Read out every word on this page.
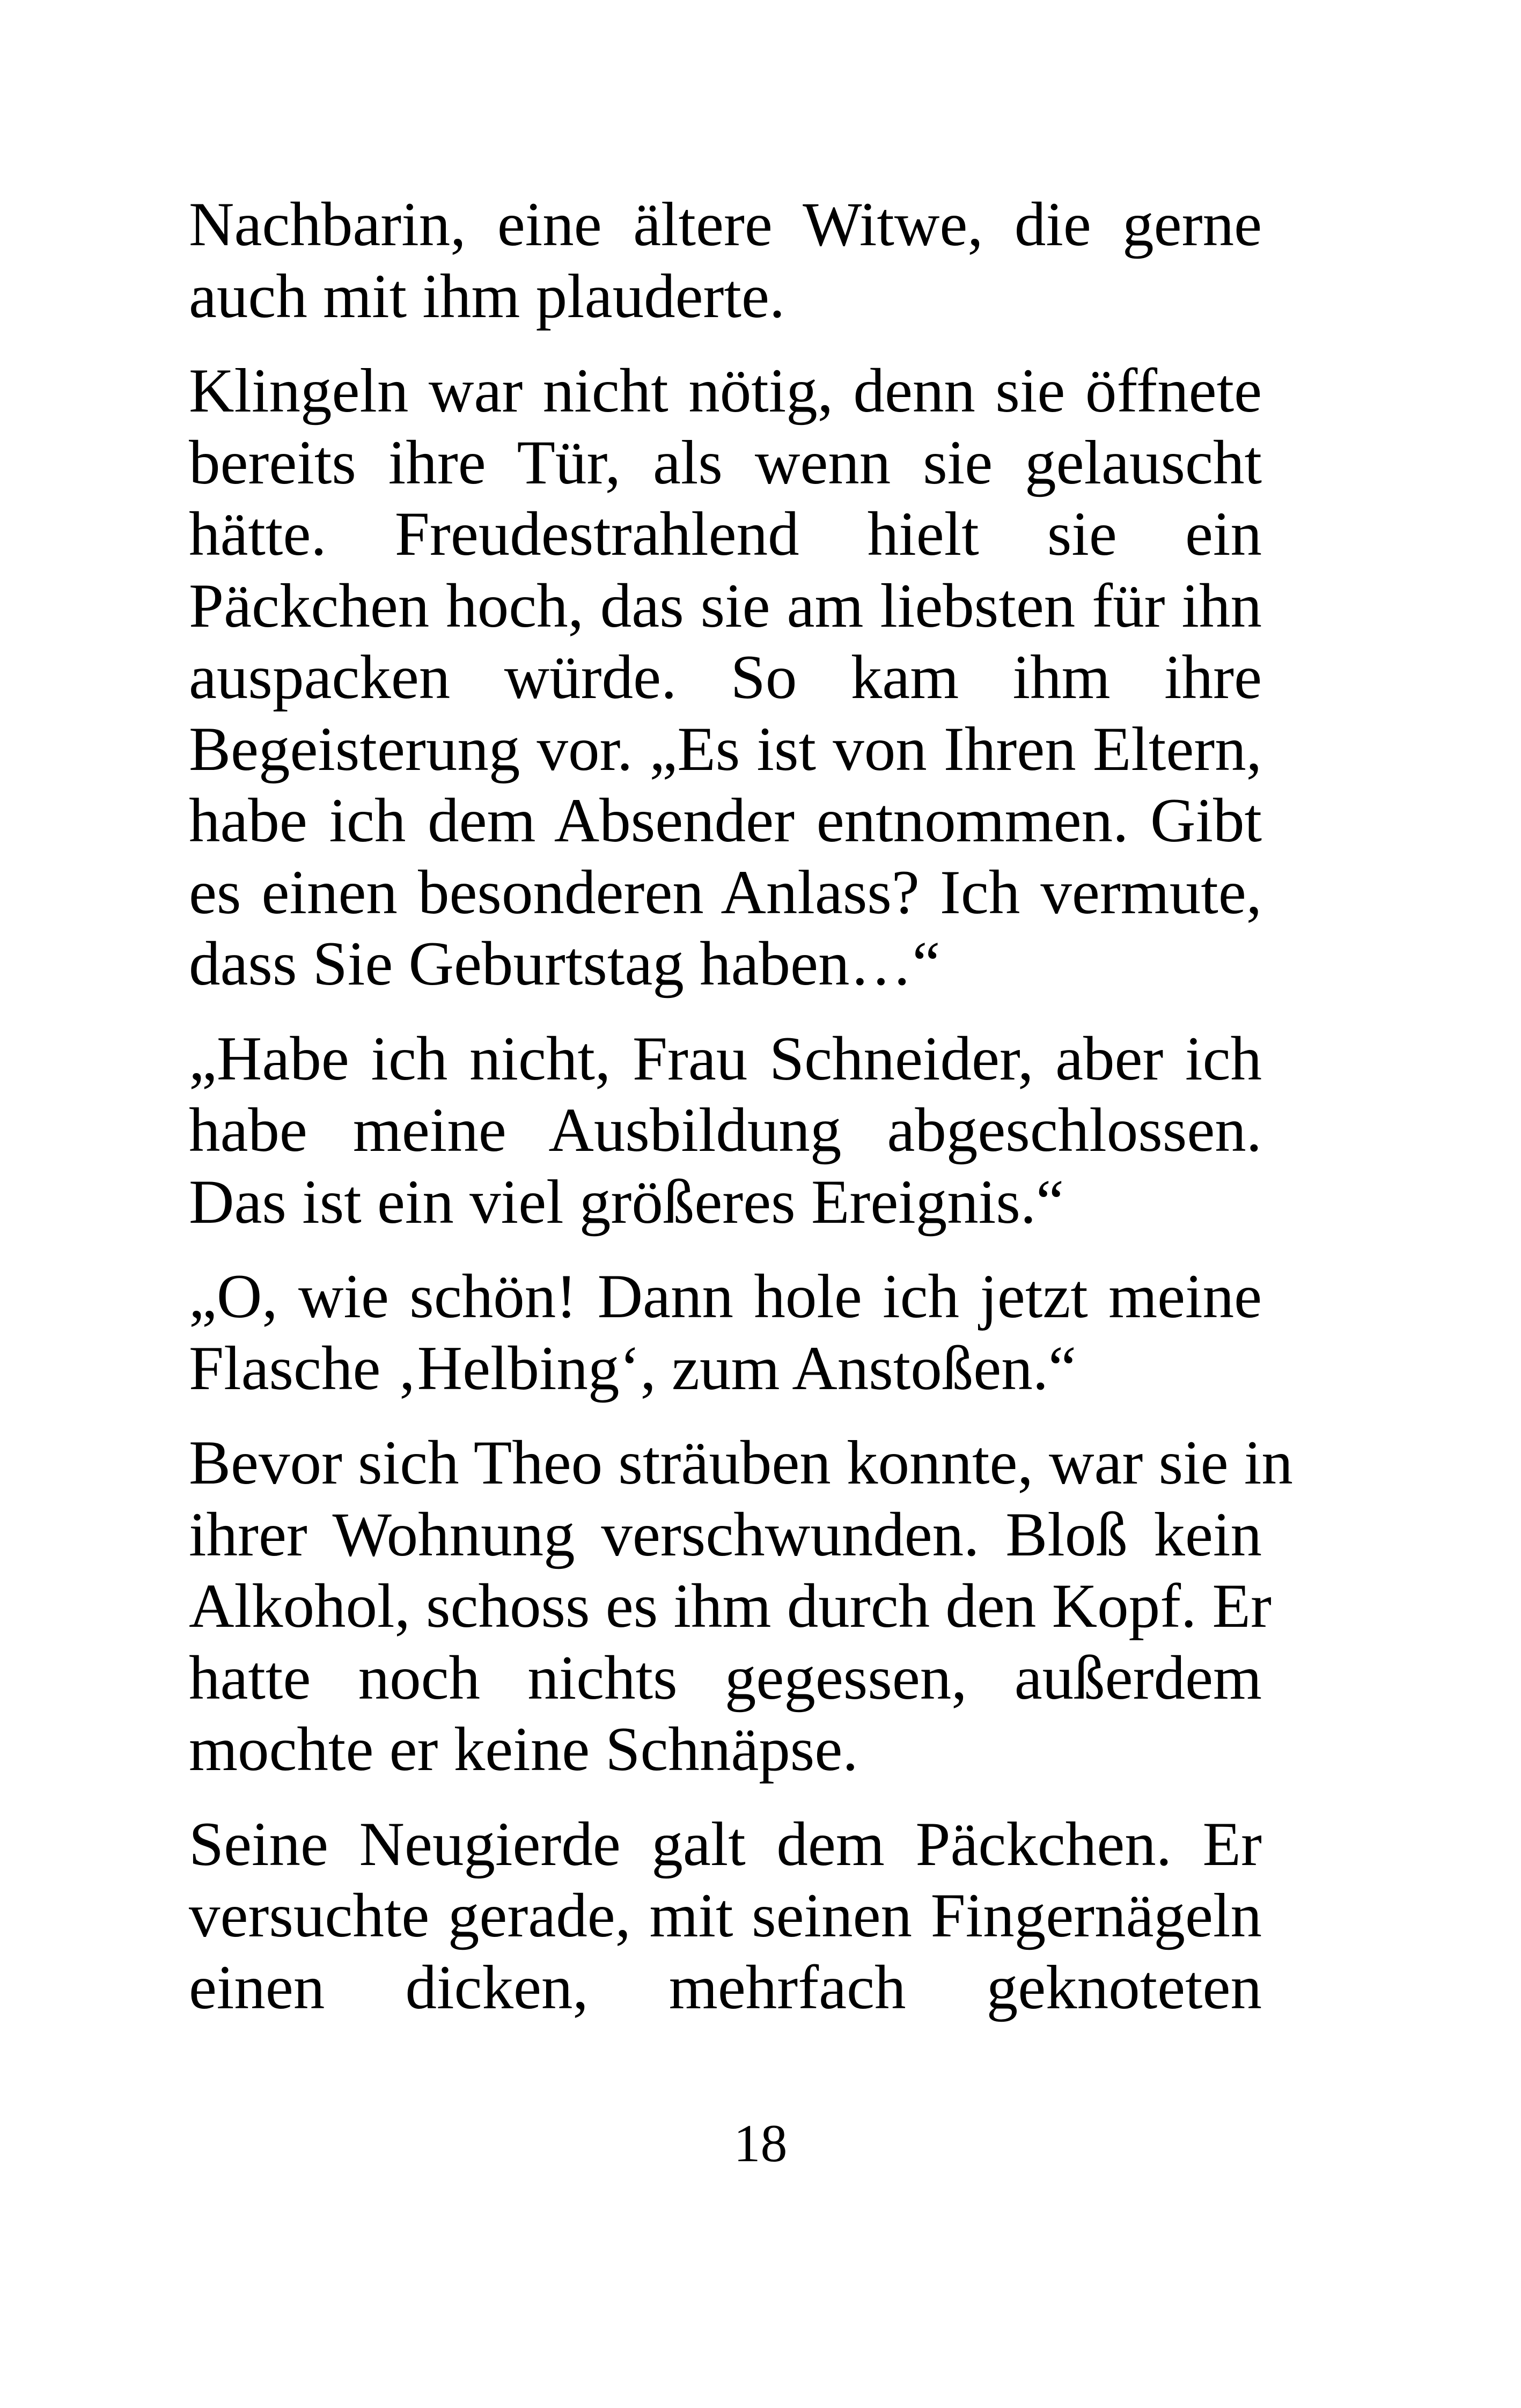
Nachbarin, eine ältere Witwe, die gerne
auch mit ihm plauderte.
Klingeln war nicht nötig, denn sie öffnete
bereits ihre Tür, als wenn sie gelauscht
hätte. Freudestrahlend hielt sie ein
Päckchen hoch, das sie am liebsten für ihn
auspacken würde. So kam ihm ihre
Begeisterung vor. „Es ist von Ihren Eltern,
habe ich dem Absender entnommen. Gibt
es einen besonderen Anlass? Ich vermute,
dass Sie Geburtstag haben…“
„Habe ich nicht, Frau Schneider, aber ich
habe meine Ausbildung abgeschlossen.
Das ist ein viel größeres Ereignis.“
„O, wie schön! Dann hole ich jetzt meine
Flasche ‚Helbing‘, zum Anstoßen.“
Bevor sich Theo sträuben konnte, war sie in
ihrer Wohnung verschwunden. Bloß kein
Alkohol, schoss es ihm durch den Kopf. Er
hatte noch nichts gegessen, außerdem
mochte er keine Schnäpse.
Seine Neugierde galt dem Päckchen. Er
versuchte gerade, mit seinen Fingernägeln
einen dicken, mehrfach geknoteten
18
